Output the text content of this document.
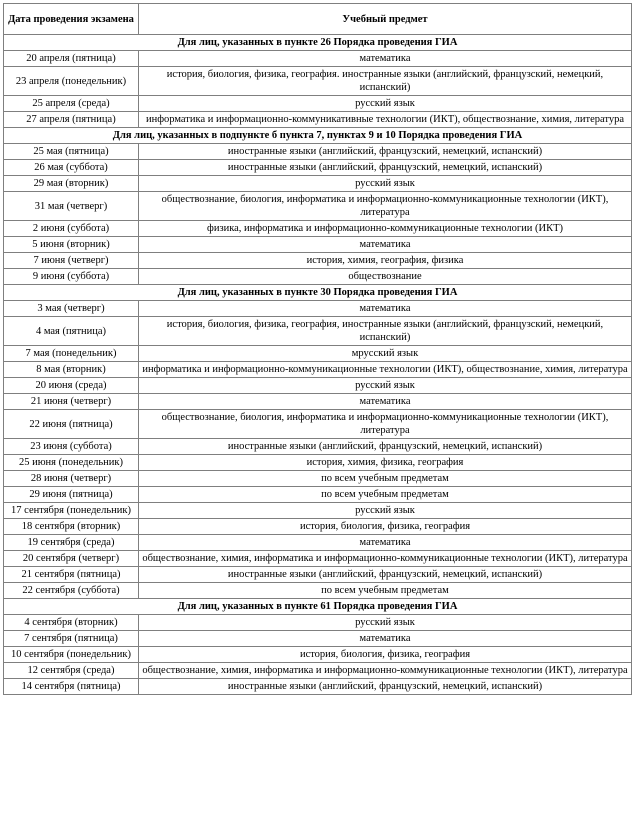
Дата проведения экзамена	Учебный предмет
Для лиц, указанных в пункте 26 Порядка проведения ГИА	
20 апреля (пятница)	математика
23 апреля (понедельник)	история, биология, физика, география. иностранные языки (английский, французский, немецкий, испанский)
25 апреля (среда)	русский язык
27 апреля (пятница)	информатика и информационно-коммуникативные технологии (ИКТ), обществознание, химия, литература
Для лиц, указанных в подпункте б пункта 7, пунктах 9 и 10 Порядка проведения ГИА	
25 мая (пятница)	иностранные языки (английский, французский, немецкий, испанский)
26 мая (суббота)	иностранные языки (английский, французский, немецкий, испанский)
29 мая (вторник)	русский язык
31 мая (четверг)	обществознание, биология, информатика и информационно-коммуникационные технологии (ИКТ), литература
2 июня (суббота)	физика, информатика и информационно-коммуникационные технологии (ИКТ)
5 июня (вторник)	математика
7 июня (четверг)	история, химия, география, физика
9 июня (суббота)	обществознание
Для лиц, указанных в пункте 30 Порядка проведения ГИА	
3 мая (четверг)	математика
4 мая (пятница)	история, биология, физика, география, иностранные языки (английский, французский, немецкий, испанский)
7 мая (понедельник)	мрусский язык
8 мая (вторник)	информатика и информационно-коммуникационные технологии (ИКТ), обществознание, химия, литература
20 июня (среда)	русский язык
21 июня (четверг)	математика
22 июня (пятница)	обществознание, биология, информатика и информационно-коммуникационные технологии (ИКТ), литература
23 июня (суббота)	иностранные языки (английский, французский, немецкий, испанский)
25 июня (понедельник)	история, химия, физика, география
28 июня (четверг)	по всем учебным предметам
29 июня (пятница)	по всем учебным предметам
17 сентября (понедельник)	русский язык
18 сентября (вторник)	история, биология, физика, география
19 сентября (среда)	математика
20 сентября (четверг)	обществознание, химия, информатика и информационно-коммуникационные технологии (ИКТ), литература
21 сентября (пятница)	иностранные языки (английский, французский, немецкий, испанский)
22 сентября (суббота)	по всем учебным предметам
Для лиц, указанных в пункте 61 Порядка проведения ГИА	
4 сентября (вторник)	русский язык
7 сентября (пятница)	математика
10 сентября (понедельник)	история, биология, физика, география
12 сентября (среда)	обществознание, химия, информатика и информационно-коммуникационные технологии (ИКТ), литература
14 сентября (пятница)	иностранные языки (английский, французский, немецкий, испанский)
